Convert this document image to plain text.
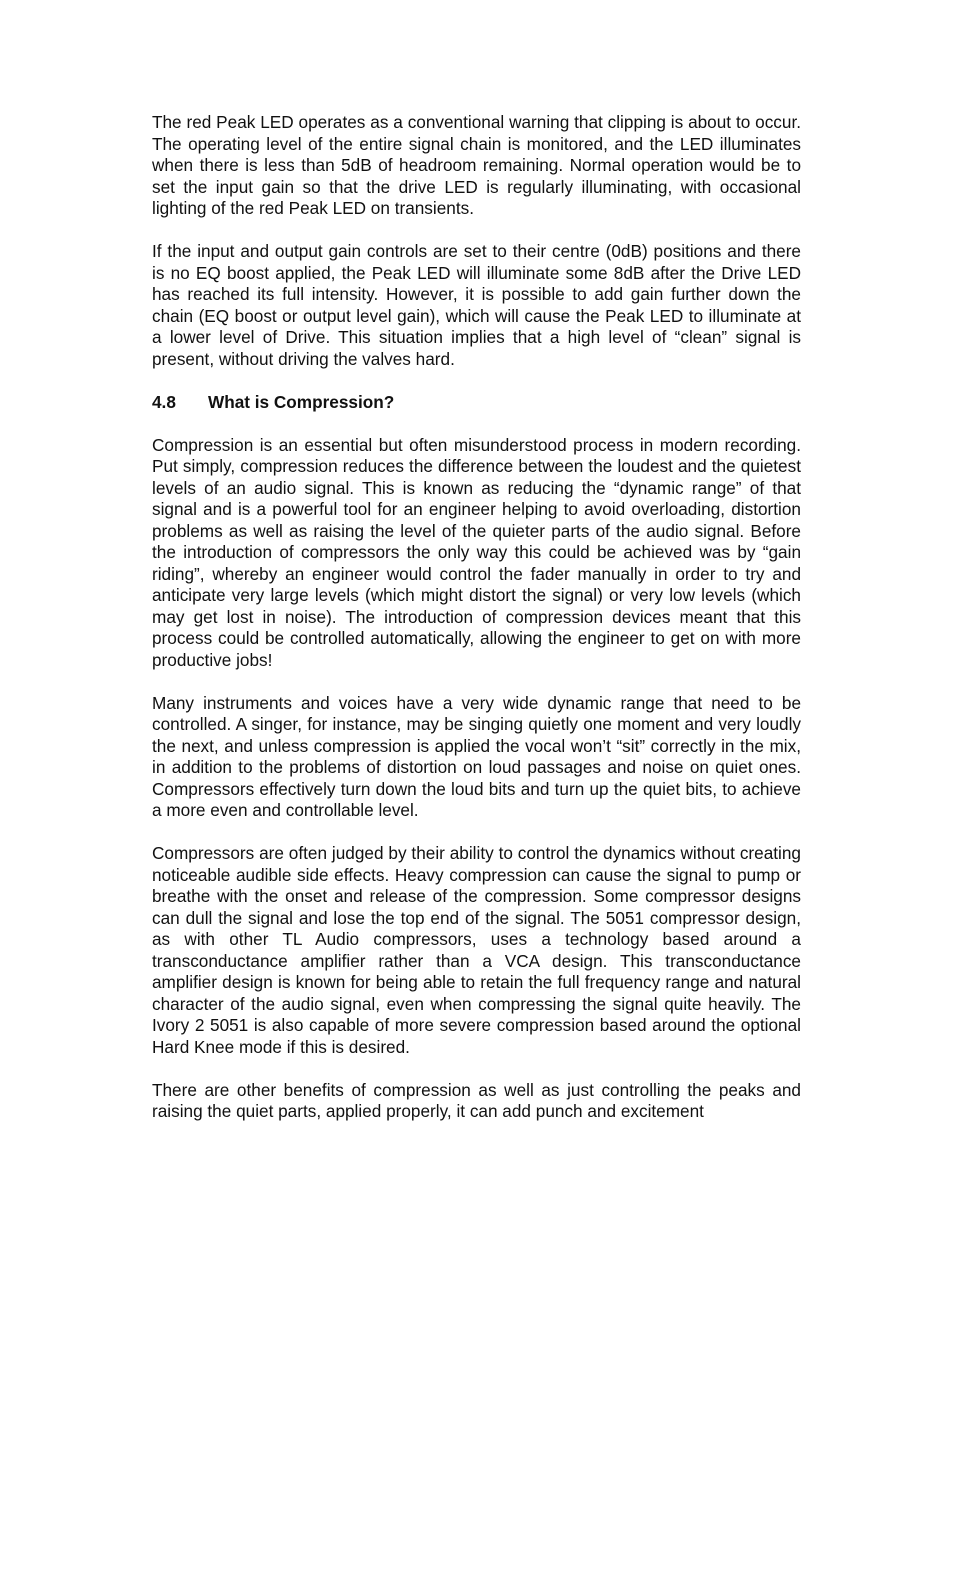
The red Peak LED operates as a conventional warning that clipping is about to occur. The operating level of the entire signal chain is monitored, and the LED illuminates when there is less than 5dB of headroom remaining. Normal operation would be to set the input gain so that the drive LED is regularly illuminating, with occasional lighting of the red Peak LED on transients.

If the input and output gain controls are set to their centre (0dB) positions and there is no EQ boost applied, the Peak LED will illuminate some 8dB after the Drive LED has reached its full intensity. However, it is possible to add gain further down the chain (EQ boost or output level gain), which will cause the Peak LED to illuminate at a lower level of Drive. This situation implies that a high level of “clean” signal is present, without driving the valves hard.

4.8	What is Compression?

Compression is an essential but often misunderstood process in modern recording. Put simply, compression reduces the difference between the loudest and the quietest levels of an audio signal. This is known as reducing the “dynamic range” of that signal and is a powerful tool for an engineer helping to avoid overloading, distortion problems as well as raising the level of the quieter parts of the audio signal. Before the introduction of compressors the only way this could be achieved was by “gain riding”, whereby an engineer would control the fader manually in order to try and anticipate very large levels (which might distort the signal) or very low levels (which may get lost in noise). The introduction of compression devices meant that this process could be controlled automatically, allowing the engineer to get on with more productive jobs!

Many instruments and voices have a very wide dynamic range that need to be controlled. A singer, for instance, may be singing quietly one moment and very loudly the next, and unless compression is applied the vocal won’t “sit” correctly in the mix, in addition to the problems of distortion on loud passages and noise on quiet ones. Compressors effectively turn down the loud bits and turn up the quiet bits, to achieve a more even and controllable level.

Compressors are often judged by their ability to control the dynamics without creating noticeable audible side effects. Heavy compression can cause the signal to pump or breathe with the onset and release of the compression. Some compressor designs can dull the signal and lose the top end of the signal. The 5051 compressor design, as with other TL Audio compressors, uses a technology based around a transconductance amplifier rather than a VCA design. This transconductance amplifier design is known for being able to retain the full frequency range and natural character of the audio signal, even when compressing the signal quite heavily. The Ivory 2 5051 is also capable of more severe compression based around the optional Hard Knee mode if this is desired.

There are other benefits of compression as well as just controlling the peaks and raising the quiet parts, applied properly, it can add punch and excitement
